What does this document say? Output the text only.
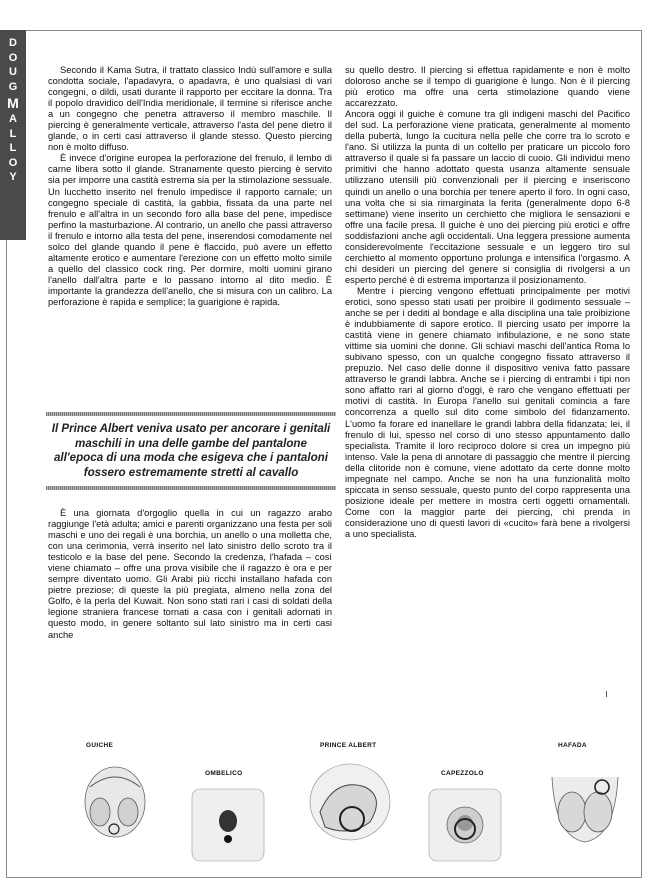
D
O
U
G
M
A
L
L
O
Y

Secondo il Kama Sutra, il trattato classico Indù sull'amore e sulla condotta sociale, l'apadavyra, o apadavra, è uno qualsiasi di vari congegni, o dildi, usati durante il rapporto per eccitare la donna. Tra il popolo dravidico dell'India meridionale, il termine si riferisce anche a un congegno che penetra attraverso il membro maschile. Il piercing è generalmente verticale, attraverso l'asta del pene dietro il glande, o in certi casi attraverso il glande stesso. Questo piercing non è molto diffuso.

È invece d'origine europea la perforazione del frenulo, il lembo di carne libera sotto il glande. Stranamente questo piercing è servito sia per imporre una castità estrema sia per la stimolazione sessuale. Un lucchetto inserito nel frenulo impedisce il rapporto carnale; un congegno speciale di castità, la gabbia, fissata da una parte nel frenulo e all'altra in un secondo foro alla base del pene, impedisce perfino la masturbazione. Al contrario, un anello che passi attraverso il frenulo e intorno alla testa del pene, inserendosi comodamente nel solco del glande quando il pene è flaccido, può avere un effetto altamente erotico e aumentare l'erezione con un effetto molto simile a quello del classico cock ring. Per dormire, molti uomini girano l'anello dall'altra parte e lo passano intorno al dito medio. È importante la grandezza dell'anello, che si misura con un calibro. La perforazione è rapida e semplice; la guarigione è rapida.

Il Prince Albert veniva usato per ancorare i genitali maschili in una delle gambe del pantalone all'epoca di una moda che esigeva che i pantaloni fossero estremamente stretti al cavallo

È una giornata d'orgoglio quella in cui un ragazzo arabo raggiunge l'età adulta; amici e parenti organizzano una festa per soli maschi e uno dei regali è una borchia, un anello o una molletta che, con una cerimonia, verrà inserito nel lato sinistro dello scroto tra il testicolo e la base del pene. Secondo la credenza, l'hafada – così viene chiamato – offre una prova visibile che il ragazzo è ora e per sempre diventato uomo. Gli Arabi più ricchi installano hafada con pietre preziose; di queste la più pregiata, almeno nella zona del Golfo, è la perla del Kuwait. Non sono stati rari i casi di soldati della legione straniera francese tornati a casa con i genitali adornati in questo modo, in genere soltanto sul lato sinistro ma in certi casi anche

su quello destro. Il piercing si effettua rapidamente e non è molto doloroso anche se il tempo di guarigione è lungo. Non è il piercing più erotico ma offre una certa stimolazione quando viene accarezzato.

Ancora oggi il guiche è comune tra gli indigeni maschi del Pacifico del sud. La perforazione viene praticata, generalmente al momento della pubertà, lungo la cucitura nella pelle che corre tra lo scroto e l'ano. Si utilizza la punta di un coltello per praticare un piccolo foro attraverso il quale si fa passare un laccio di cuoio. Gli individui meno primitivi che hanno adottato questa usanza altamente sensuale utilizzano utensili più convenzionali per il piercing e inseriscono quindi un anello o una borchia per tenere aperto il foro. In ogni caso, una volta che si sia rimarginata la ferita (generalmente dopo 6-8 settimane) viene inserito un cerchietto che migliora le sensazioni e offre una facile presa. Il guiche è uno dei piercing più erotici e offre soddisfazioni anche agli occidentali. Una leggera pressione aumenta considerevolmente l'eccitazione sessuale e un leggero tiro sul cerchietto al momento opportuno prolunga e intensifica l'orgasmo. A chi desideri un piercing del genere si consiglia di rivolgersi a un esperto perché è di estrema importanza il posizionamento.

Mentre i piercing vengono effettuati principalmente per motivi erotici, sono spesso stati usati per proibire il godimento sessuale – anche se per i dediti al bondage e alla disciplina una tale proibizione è indubbiamente di sapore erotico. Il piercing usato per imporre la castità viene in genere chiamato infibulazione, e ne sono state vittime sia uomini che donne. Gli schiavi maschi dell'antica Roma lo subivano spesso, con un qualche congegno fissato attraverso il prepuzio. Nel caso delle donne il dispositivo veniva fatto passare attraverso le grandi labbra. Anche se i piercing di entrambi i tipi non sono affatto rari al giorno d'oggi, è raro che vengano effettuati per motivi di castità. In Europa l'anello sui genitali comincia a fare concorrenza a quello sul dito come simbolo del fidanzamento. L'uomo fa forare ed inanellare le grandi labbra della fidanzata; lei, il frenulo di lui, spesso nel corso di uno stesso appuntamento dallo specialista. Tramite il loro reciproco dolore si crea un impegno più intenso. Vale la pena di annotare di passaggio che mentre il piercing della clitoride non è comune, viene adottato da certe donne molto impegnate nel campo. Anche se non ha una funzionalità molto spiccata in senso sessuale, questo punto del corpo rappresenta una posizione ideale per mettere in mostra certi oggetti ornamentali. Come con la maggior parte dei piercing, chi prenda in considerazione uno di questi lavori di «cucito» farà bene a rivolgersi a uno specialista.

GUICHE
OMBELICO
PRINCE ALBERT
CAPEZZOLO
HAFADA
